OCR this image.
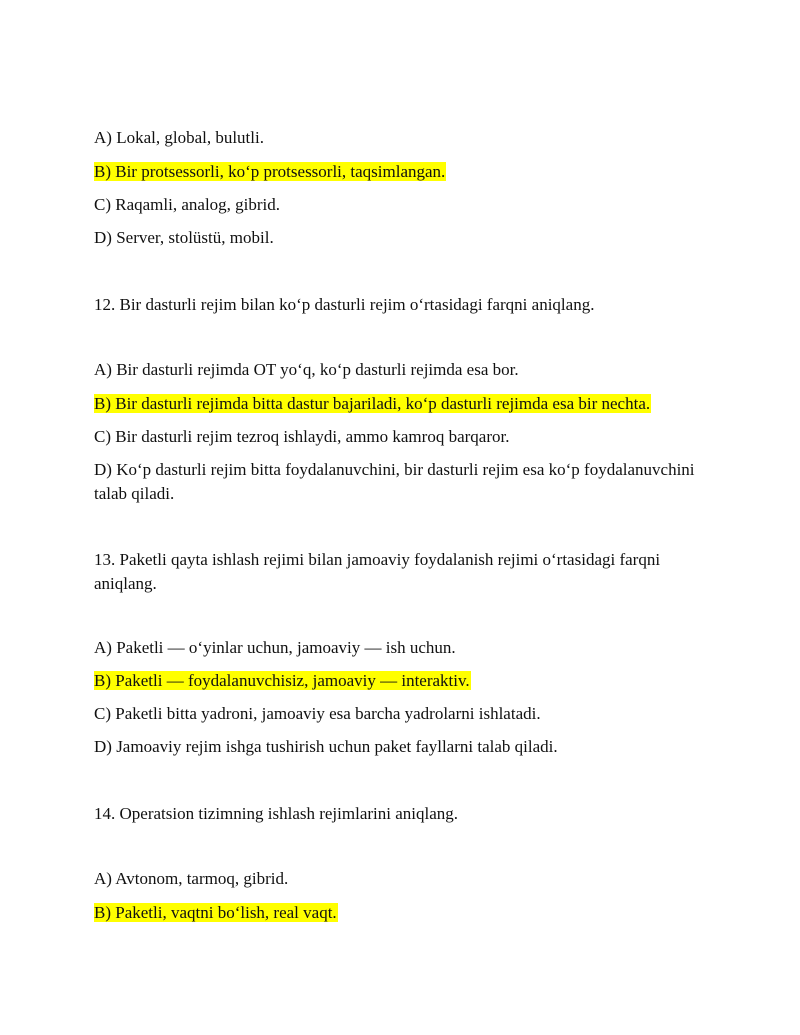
A) Lokal, global, bulutli.
B) Bir protsessorli, ko‘p protsessorli, taqsimlangan.
C) Raqamli, analog, gibrid.
D) Server, stolüstü, mobil.
12. Bir dasturli rejim bilan ko‘p dasturli rejim o‘rtasidagi farqni aniqlang.
A) Bir dasturli rejimda OT yo‘q, ko‘p dasturli rejimda esa bor.
B) Bir dasturli rejimda bitta dastur bajariladi, ko‘p dasturli rejimda esa bir nechta.
C) Bir dasturli rejim tezroq ishlaydi, ammo kamroq barqaror.
D) Ko‘p dasturli rejim bitta foydalanuvchini, bir dasturli rejim esa ko‘p foydalanuvchini talab qiladi.
13. Paketli qayta ishlash rejimi bilan jamoaviy foydalanish rejimi o‘rtasidagi farqni aniqlang.
A) Paketli — o‘yinlar uchun, jamoaviy — ish uchun.
B) Paketli — foydalanuvchisiz, jamoaviy — interaktiv.
C) Paketli bitta yadroni, jamoaviy esa barcha yadrolarni ishlatadi.
D) Jamoaviy rejim ishga tushirish uchun paket fayllarni talab qiladi.
14. Operatsion tizimning ishlash rejimlarini aniqlang.
A) Avtonom, tarmoq, gibrid.
B) Paketli, vaqtni bo‘lish, real vaqt.
